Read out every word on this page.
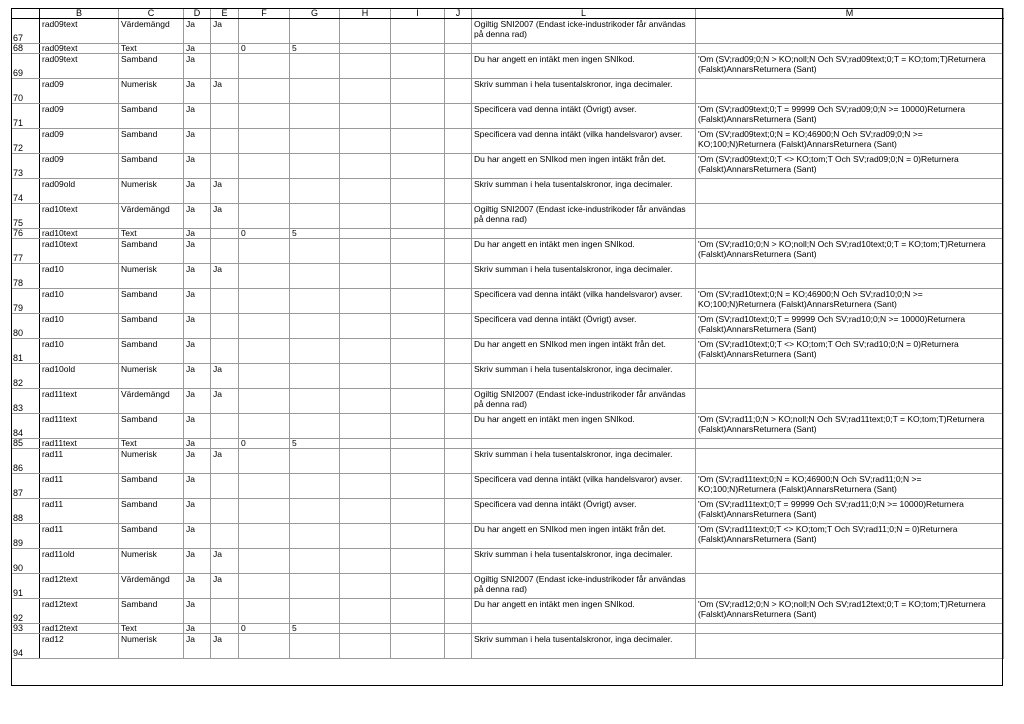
	B	C	D	E	F	G	H	I	J	L	M
67	rad09text	Värdemängd	Ja	Ja						Ogiltig SNI2007 (Endast icke-industrikoder får användas på denna rad)	
68	rad09text	Text	Ja		0	5					
69	rad09text	Samband	Ja							Du har angett en intäkt men ingen SNIkod.	'Om (SV;rad09;0;N > KO;noll;N Och SV;rad09text;0;T = KO;tom;T)Returnera (Falskt)AnnarsReturnera (Sant)
70	rad09	Numerisk	Ja	Ja						Skriv summan i hela tusentalskronor, inga decimaler.	
71	rad09	Samband	Ja							Specificera vad denna intäkt (Övrigt) avser.	'Om (SV;rad09text;0;T = 99999 Och SV;rad09;0;N >= 10000)Returnera (Falskt)AnnarsReturnera (Sant)
72	rad09	Samband	Ja							Specificera vad denna intäkt (vilka handelsvaror) avser.	'Om (SV;rad09text;0;N = KO;46900;N Och SV;rad09;0;N >= KO;100;N)Returnera (Falskt)AnnarsReturnera (Sant)
73	rad09	Samband	Ja							Du har angett en SNIkod men ingen intäkt från det.	'Om (SV;rad09text;0;T <> KO;tom;T Och SV;rad09;0;N = 0)Returnera (Falskt)AnnarsReturnera (Sant)
74	rad09old	Numerisk	Ja	Ja						Skriv summan i hela tusentalskronor, inga decimaler.	
75	rad10text	Värdemängd	Ja	Ja						Ogiltig SNI2007 (Endast icke-industrikoder får användas på denna rad)	
76	rad10text	Text	Ja		0	5					
77	rad10text	Samband	Ja							Du har angett en intäkt men ingen SNIkod.	'Om (SV;rad10;0;N > KO;noll;N Och SV;rad10text;0;T = KO;tom;T)Returnera (Falskt)AnnarsReturnera (Sant)
78	rad10	Numerisk	Ja	Ja						Skriv summan i hela tusentalskronor, inga decimaler.	
79	rad10	Samband	Ja							Specificera vad denna intäkt (vilka handelsvaror) avser.	'Om (SV;rad10text;0;N = KO;46900;N Och SV;rad10;0;N >= KO;100;N)Returnera (Falskt)AnnarsReturnera (Sant)
80	rad10	Samband	Ja							Specificera vad denna intäkt (Övrigt) avser.	'Om (SV;rad10text;0;T = 99999 Och SV;rad10;0;N >= 10000)Returnera (Falskt)AnnarsReturnera (Sant)
81	rad10	Samband	Ja							Du har angett en SNIkod men ingen intäkt från det.	'Om (SV;rad10text;0;T <> KO;tom;T Och SV;rad10;0;N = 0)Returnera (Falskt)AnnarsReturnera (Sant)
82	rad10old	Numerisk	Ja	Ja						Skriv summan i hela tusentalskronor, inga decimaler.	
83	rad11text	Värdemängd	Ja	Ja						Ogiltig SNI2007 (Endast icke-industrikoder får användas på denna rad)	
84	rad11text	Samband	Ja							Du har angett en intäkt men ingen SNIkod.	'Om (SV;rad11;0;N > KO;noll;N Och SV;rad11text;0;T = KO;tom;T)Returnera (Falskt)AnnarsReturnera (Sant)
85	rad11text	Text	Ja		0	5					
86	rad11	Numerisk	Ja	Ja						Skriv summan i hela tusentalskronor, inga decimaler.	
87	rad11	Samband	Ja							Specificera vad denna intäkt (vilka handelsvaror) avser.	'Om (SV;rad11text;0;N = KO;46900;N Och SV;rad11;0;N >= KO;100;N)Returnera (Falskt)AnnarsReturnera (Sant)
88	rad11	Samband	Ja							Specificera vad denna intäkt (Övrigt) avser.	'Om (SV;rad11text;0;T = 99999 Och SV;rad11;0;N >= 10000)Returnera (Falskt)AnnarsReturnera (Sant)
89	rad11	Samband	Ja							Du har angett en SNIkod men ingen intäkt från det.	'Om (SV;rad11text;0;T <> KO;tom;T Och SV;rad11;0;N = 0)Returnera (Falskt)AnnarsReturnera (Sant)
90	rad11old	Numerisk	Ja	Ja						Skriv summan i hela tusentalskronor, inga decimaler.	
91	rad12text	Värdemängd	Ja	Ja						Ogiltig SNI2007 (Endast icke-industrikoder får användas på denna rad)	
92	rad12text	Samband	Ja							Du har angett en intäkt men ingen SNIkod.	'Om (SV;rad12;0;N > KO;noll;N Och SV;rad12text;0;T = KO;tom;T)Returnera (Falskt)AnnarsReturnera (Sant)
93	rad12text	Text	Ja		0	5					
94	rad12	Numerisk	Ja	Ja						Skriv summan i hela tusentalskronor, inga decimaler.	
